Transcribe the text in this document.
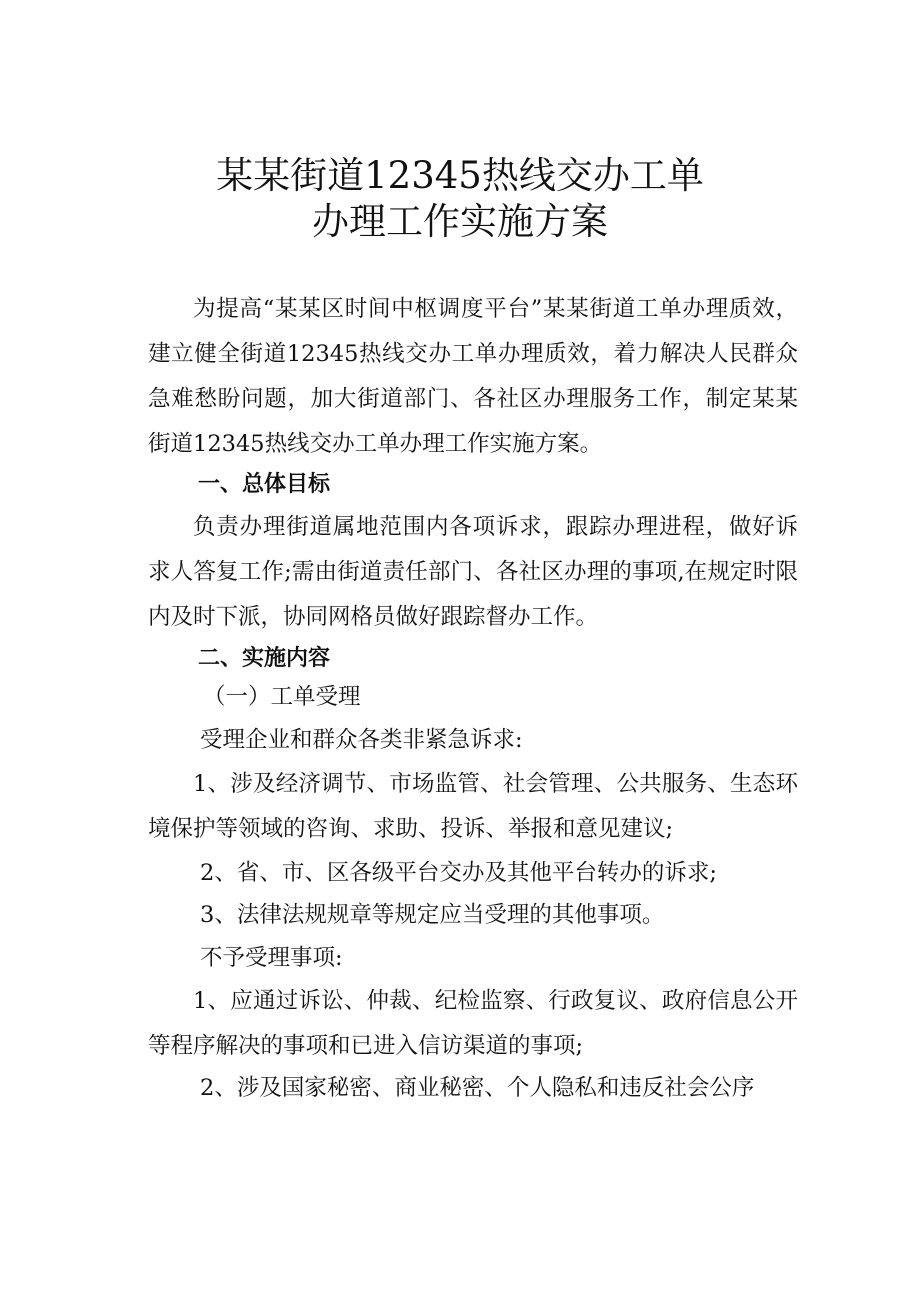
某某街道12345热线交办工单
办理工作实施方案

为提高“某某区时间中枢调度平台”某某街道工单办理质效，建立健全街道12345热线交办工单办理质效，着力解决人民群众急难愁盼问题，加大街道部门、各社区办理服务工作，制定某某街道12345热线交办工单办理工作实施方案。

一、总体目标

负责办理街道属地范围内各项诉求，跟踪办理进程，做好诉求人答复工作;需由街道责任部门、各社区办理的事项,在规定时限内及时下派，协同网格员做好跟踪督办工作。

二、实施内容
（一）工单受理
受理企业和群众各类非紧急诉求:

1、涉及经济调节、市场监管、社会管理、公共服务、生态环境保护等领域的咨询、求助、投诉、举报和意见建议;

2、省、市、区各级平台交办及其他平台转办的诉求;
3、法律法规规章等规定应当受理的其他事项。
不予受理事项:

1、应通过诉讼、仲裁、纪检监察、行政复议、政府信息公开等程序解决的事项和已进入信访渠道的事项;

2、涉及国家秘密、商业秘密、个人隐私和违反社会公序
